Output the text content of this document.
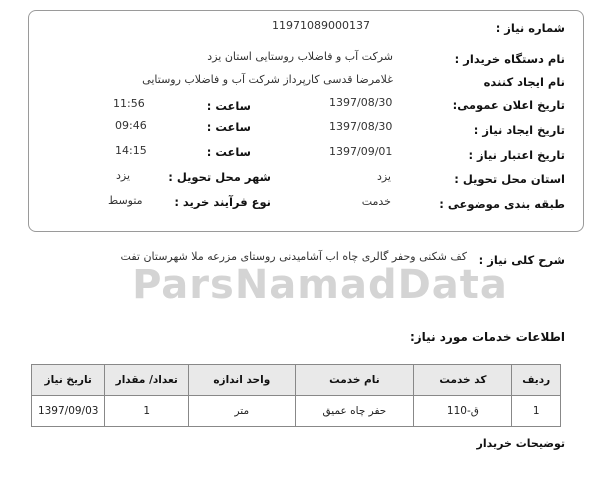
ParsNamadData
شماره نیاز :
11971089000137
نام دستگاه خریدار :
شرکت آب و فاضلاب روستایی استان یزد
نام ایجاد کننده
غلامرضا قدسی کارپرداز شرکت آب و فاضلاب روستایی
تاریخ اعلان عمومی:
1397/08/30
ساعت :
11:56
تاریخ ایجاد نیاز :
1397/08/30
ساعت :
09:46
تاریخ اعتبار نیاز :
1397/09/01
ساعت :
14:15
استان محل تحویل :
یزد
شهر محل تحویل :
یزد
طبقه بندی موضوعی :
خدمت
نوع فرآیند خرید :
متوسط
شرح کلی نیاز :
کف شکنی وحفر گالری چاه اب آشامیدنی روستای مزرعه ملا شهرستان تفت
اطلاعات خدمات مورد نیاز:
ردیف	کد خدمت	نام خدمت	واحد اندازه	تعداد/ مقدار	تاریخ نیاز
1	ق-110	حفر چاه عمیق	متر	1	1397/09/03
توضیحات خریدار
